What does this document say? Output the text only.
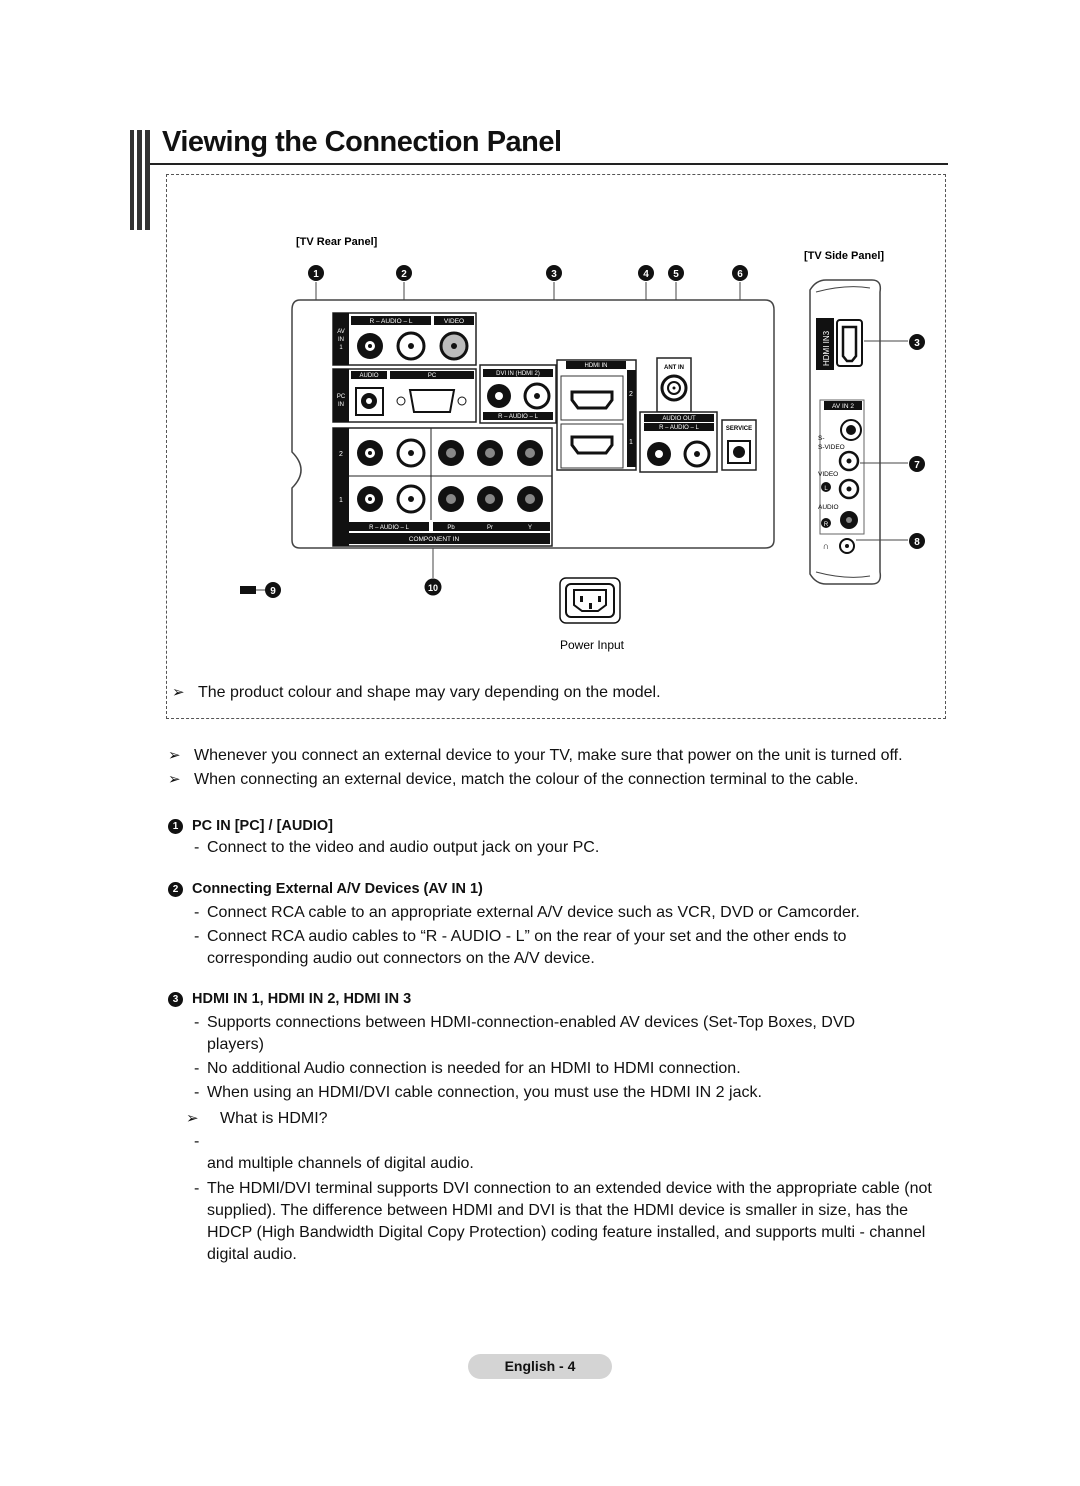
Viewing the Connection Panel
[TV Rear Panel]
[TV Side Panel]
1	2	3	4 5	6
AV
IN
1
R – AUDIO – L	VIDEO
PC
IN
AUDIO	PC	DVI IN (HDMI 2)
R – AUDIO – L
HDMI IN
2
1
ANT IN
AUDIO OUT
R – AUDIO – L	SERVICE
2
1
R – AUDIO – L	Pb	Pr	Y
COMPONENT IN
HDMI IN3
AV IN 2
S-
S-VIDEO
VIDEO
L
AUDIO
R
∩
3
7
8
9	10
Power Input
➢ The product colour and shape may vary depending on the model.
➢ Whenever you connect an external device to your TV, make sure that power on the unit is turned off.
➢ When connecting an external device, match the colour of the connection terminal to the cable.
1 PC IN [PC] / [AUDIO]
- Connect to the video and audio output jack on your PC.
2 Connecting External A/V Devices (AV IN 1)
- Connect RCA cable to an appropriate external A/V device such as VCR, DVD or Camcorder.
- Connect RCA audio cables to “R - AUDIO - L” on the rear of your set and the other ends to corresponding audio out connectors on the A/V device.
3 HDMI IN 1, HDMI IN 2, HDMI IN 3
- Supports connections between HDMI-connection-enabled AV devices (Set-Top Boxes, DVD players)
- No additional Audio connection is needed for an HDMI to HDMI connection.
- When using an HDMI/DVI cable connection, you must use the HDMI IN 2 jack.
➢ What is HDMI?
-
and multiple channels of digital audio.
- The HDMI/DVI terminal supports DVI connection to an extended device with the appropriate cable (not supplied). The difference between HDMI and DVI is that the HDMI device is smaller in size, has the HDCP (High Bandwidth Digital Copy Protection) coding feature installed, and supports multi - channel digital audio.
English - 4
